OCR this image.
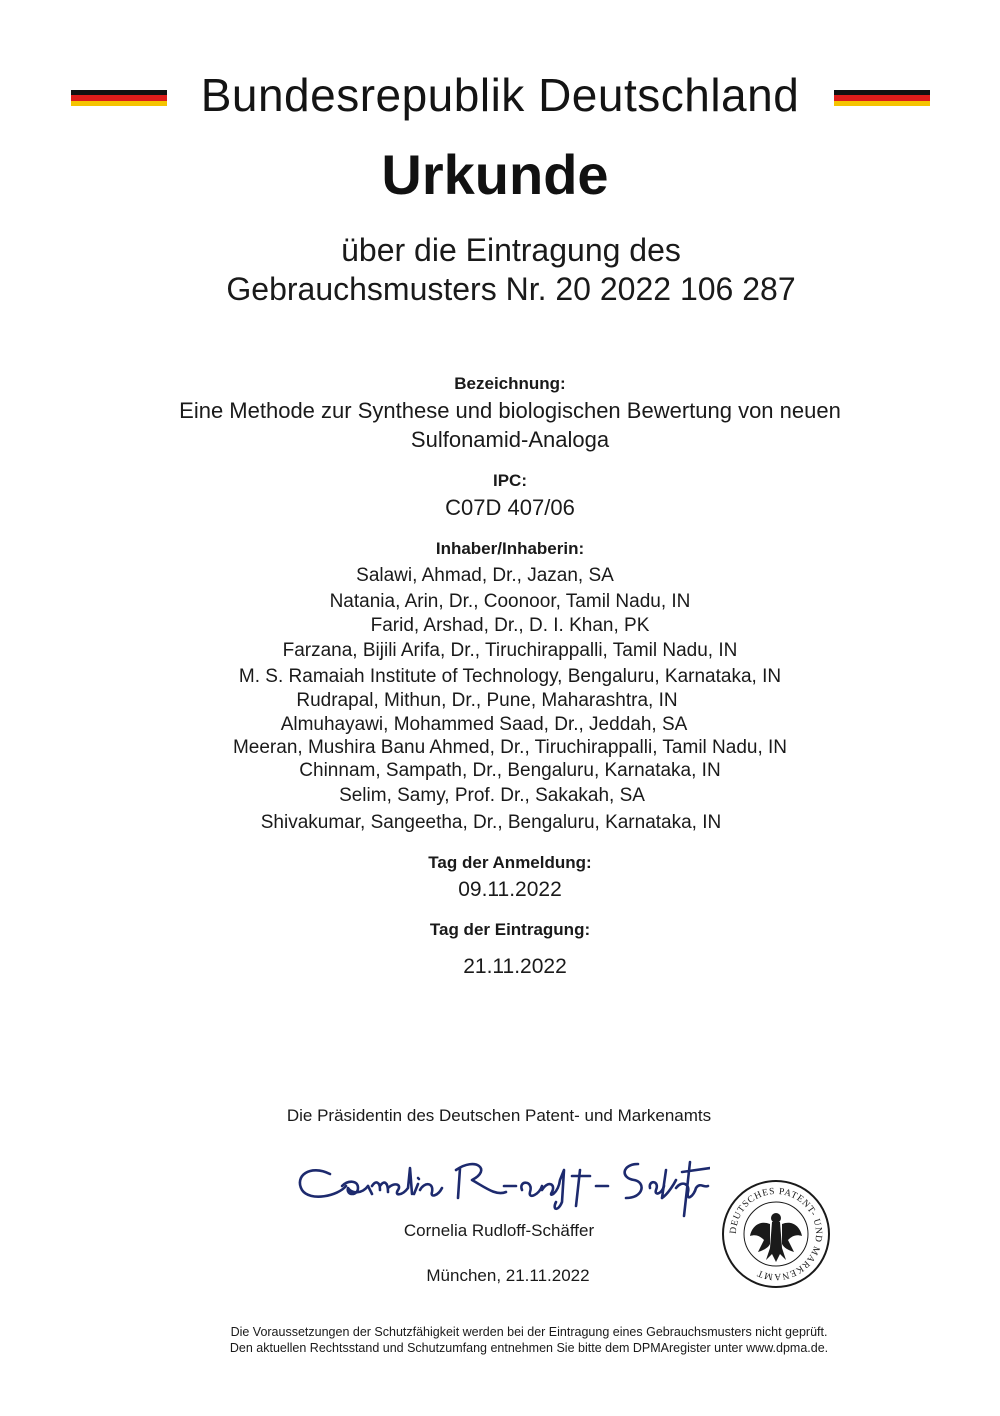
Bundesrepublik Deutschland
Urkunde
über die Eintragung des
Gebrauchsmusters Nr. 20 2022 106 287
Bezeichnung:
Eine Methode zur Synthese und biologischen Bewertung von neuen
Sulfonamid-Analoga
IPC:
C07D 407/06
Inhaber/Inhaberin:
Salawi, Ahmad, Dr., Jazan, SA
Natania, Arin, Dr., Coonoor, Tamil Nadu, IN
Farid, Arshad, Dr., D. I. Khan, PK
Farzana, Bijili Arifa, Dr., Tiruchirappalli, Tamil Nadu, IN
M. S. Ramaiah Institute of Technology, Bengaluru, Karnataka, IN
Rudrapal, Mithun, Dr., Pune, Maharashtra, IN
Almuhayawi, Mohammed Saad, Dr., Jeddah, SA
Meeran, Mushira Banu Ahmed, Dr., Tiruchirappalli, Tamil Nadu, IN
Chinnam, Sampath, Dr., Bengaluru, Karnataka, IN
Selim, Samy, Prof. Dr., Sakakah, SA
Shivakumar, Sangeetha, Dr., Bengaluru, Karnataka, IN
Tag der Anmeldung:
09.11.2022
Tag der Eintragung:
21.11.2022
Die Präsidentin des Deutschen Patent- und Markenamts
Cornelia Rudloff-Schäffer
München, 21.11.2022
DEUTSCHES PATENT- UND MARKENAMT
Die Voraussetzungen der Schutzfähigkeit werden bei der Eintragung eines Gebrauchsmusters nicht geprüft.
Den aktuellen Rechtsstand und Schutzumfang entnehmen Sie bitte dem DPMAregister unter www.dpma.de.
